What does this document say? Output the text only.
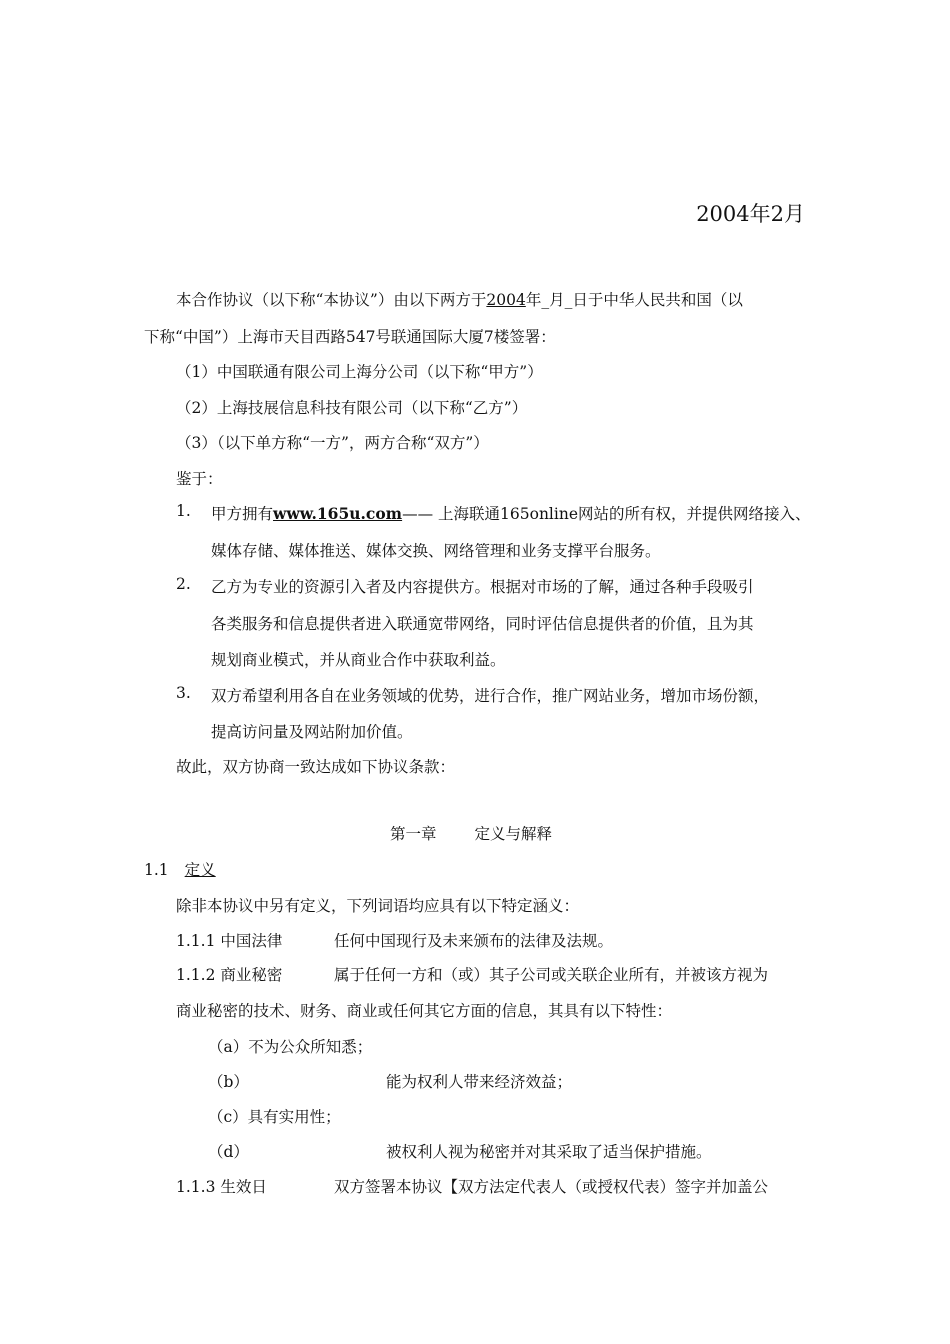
2004年2月
本合作协议（以下称“本协议”）由以下两方于2004年_月_日于中华人民共和国（以
下称“中国”）上海市天目西路547号联通国际大厦7楼签署：
（1）中国联通有限公司上海分公司（以下称“甲方”）
（2）上海技展信息科技有限公司（以下称“乙方”）
（3）（以下单方称“一方”，两方合称“双方”）
鉴于：
1. 甲方拥有www.165u.com—— 上海联通165online网站的所有权，并提供网络接入、
媒体存储、媒体推送、媒体交换、网络管理和业务支撑平台服务。
2. 乙方为专业的资源引入者及内容提供方。根据对市场的了解，通过各种手段吸引
各类服务和信息提供者进入联通宽带网络，同时评估信息提供者的价值，且为其
规划商业模式，并从商业合作中获取利益。
3. 双方希望利用各自在业务领域的优势，进行合作，推广网站业务，增加市场份额，
提高访问量及网站附加价值。
故此，双方协商一致达成如下协议条款：
第一章 定义与解释
1.1 定义
除非本协议中另有定义，下列词语均应具有以下特定涵义：
1.1.1 中国法律	任何中国现行及未来颁布的法律及法规。
1.1.2 商业秘密	属于任何一方和（或）其子公司或关联企业所有，并被该方视为
商业秘密的技术、财务、商业或任何其它方面的信息，其具有以下特性：
（a）不为公众所知悉；
（b）	能为权利人带来经济效益；
（c）具有实用性；
（d）	被权利人视为秘密并对其采取了适当保护措施。
1.1.3 生效日	双方签署本协议【双方法定代表人（或授权代表）签字并加盖公
